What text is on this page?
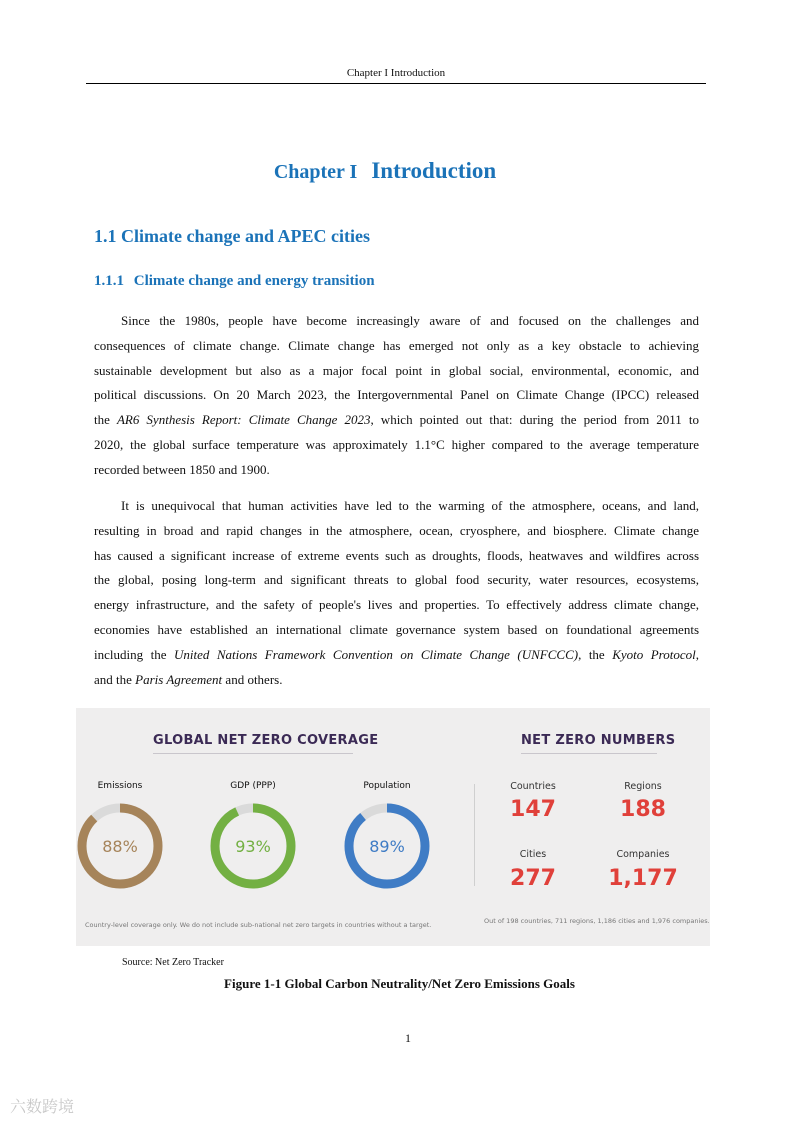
Chapter I Introduction
Chapter I Introduction
1.1 Climate change and APEC cities
1.1.1 Climate change and energy transition
Since the 1980s, people have become increasingly aware of and focused on the challenges and
consequences of climate change. Climate change has emerged not only as a key obstacle to achieving
sustainable development but also as a major focal point in global social, environmental, economic, and
political discussions. On 20 March 2023, the Intergovernmental Panel on Climate Change (IPCC) released
the AR6 Synthesis Report: Climate Change 2023, which pointed out that: during the period from 2011 to
2020, the global surface temperature was approximately 1.1°C higher compared to the average temperature
recorded between 1850 and 1900.
It is unequivocal that human activities have led to the warming of the atmosphere, oceans, and land,
resulting in broad and rapid changes in the atmosphere, ocean, cryosphere, and biosphere. Climate change
has caused a significant increase of extreme events such as droughts, floods, heatwaves and wildfires across
the global, posing long-term and significant threats to global food security, water resources, ecosystems,
energy infrastructure, and the safety of people's lives and properties. To effectively address climate change,
economies have established an international climate governance system based on foundational agreements
including the United Nations Framework Convention on Climate Change (UNFCCC), the Kyoto Protocol,
and the Paris Agreement and others.
GLOBAL NET ZERO COVERAGE	NET ZERO NUMBERS
Emissions	GDP (PPP)	Population
88%	93%	89%
Countries
147
Regions
188
Cities
277
Companies
1,177
Country-level coverage only. We do not include sub-national net zero targets in countries without a target.	Out of 198 countries, 711 regions, 1,186 cities and 1,976 companies.
Source: Net Zero Tracker
Figure 1-1 Global Carbon Neutrality/Net Zero Emissions Goals
1
六数跨境
